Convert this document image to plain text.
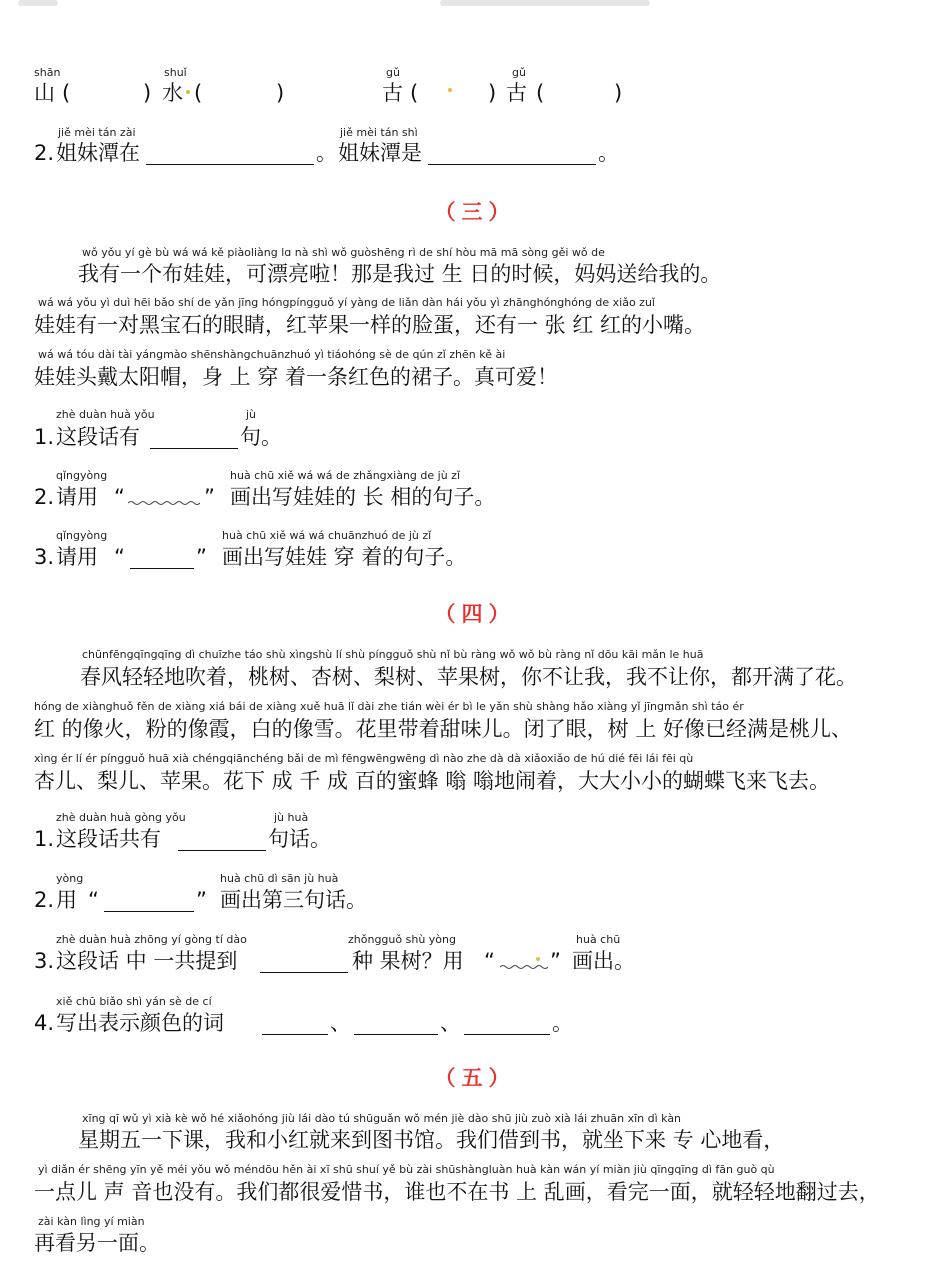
shān
山 (	)
shuǐ
水 (	)
gǔ
古 (	)
gǔ
古 (	)
jiě mèi tán zài
2. 姐妹潭在	。
jiě mèi tán shì
姐妹潭是	。
（三）
wǒ yǒu yí gè bù wá wá kě piàoliàng lɑ nà shì wǒ guòshēng rì de shí hòu mā mā sòng gěi wǒ de
我有一个布娃娃，可漂亮啦！那是我过 生 日的时候，妈妈送给我的。
wá wá yǒu yì duì hēi bǎo shí de yǎn jīng hóngpíngguǒ yí yàng de liǎn dàn hái yǒu yì zhānghónghóng de xiǎo zuǐ
娃娃有一对黑宝石的眼睛，红苹果一样的脸蛋，还有一 张 红 红的小嘴。
wá wá tóu dài tài yángmào shēnshàngchuānzhuó yì tiáohóng sè de qún zǐ zhēn kě ài
娃娃头戴太阳帽，身 上 穿 着一条红色的裙子。真可爱！
zhè duàn huà yǒu
1. 这段话有
jù
句。
qǐngyòng
2. 请用 “	”
huà chū xiě wá wá de zhǎngxiàng de jù zǐ
画出写娃娃的 长 相的句子。
qǐngyòng
3. 请用 “	”
huà chū xiě wá wá chuānzhuó de jù zǐ
画出写娃娃 穿 着的句子。
（四）
chūnfēngqīngqīng dì chuīzhe táo shù xìngshù lí shù píngguǒ shù nǐ bù ràng wǒ wǒ bù ràng nǐ dōu kāi mǎn le huā
春风轻轻地吹着，桃树、杏树、梨树、苹果树，你不让我，我不让你，都开满了花。
hóng de xiànghuǒ fěn de xiàng xiá bái de xiàng xuě huā lǐ dài zhe tián wèi ér bì le yǎn shù shàng hǎo xiàng yǐ jīngmǎn shì táo ér
红 的像火，粉的像霞，白的像雪。花里带着甜味儿。闭了眼，树 上 好像已经满是桃儿、
xìng ér lí ér píngguǒ huā xià chéngqiānchéng bǎi de mì fēngwēngwēng dì nào zhe dà dà xiǎoxiǎo de hú dié fēi lái fēi qù
杏儿、梨儿、苹果。花下 成 千 成 百的蜜蜂 嗡 嗡地闹着，大大小小的蝴蝶飞来飞去。
zhè duàn huà gòng yǒu
1. 这段话共有
jù huà
句话。
yòng
2. 用 “	”
huà chū dì sān jù huà
画出第三句话。
zhè duàn huà zhōng yí gòng tí dào
3. 这段话 中 一共提到
zhǒngguǒ shù yòng
种 果树？用 “	”
huà chū
画出。
xiě chū biǎo shì yán sè de cí
4. 写出表示颜色的词	、	、	。
（五）
xīng qī wǔ yì xià kè wǒ hé xiǎohóng jiù lái dào tú shūguǎn wǒ mén jiè dào shū jiù zuò xià lái zhuān xīn dì kàn
星期五一下课，我和小红就来到图书馆。我们借到书，就坐下来 专 心地看，
yì diǎn ér shēng yīn yě méi yǒu wǒ méndōu hěn ài xī shū shuí yě bù zài shūshàngluàn huà kàn wán yí miàn jiù qīngqīng dì fān guò qù
一点儿 声 音也没有。我们都很爱惜书，谁也不在书 上 乱画，看完一面，就轻轻地翻过去，
zài kàn lìng yí miàn
再看另一面。
